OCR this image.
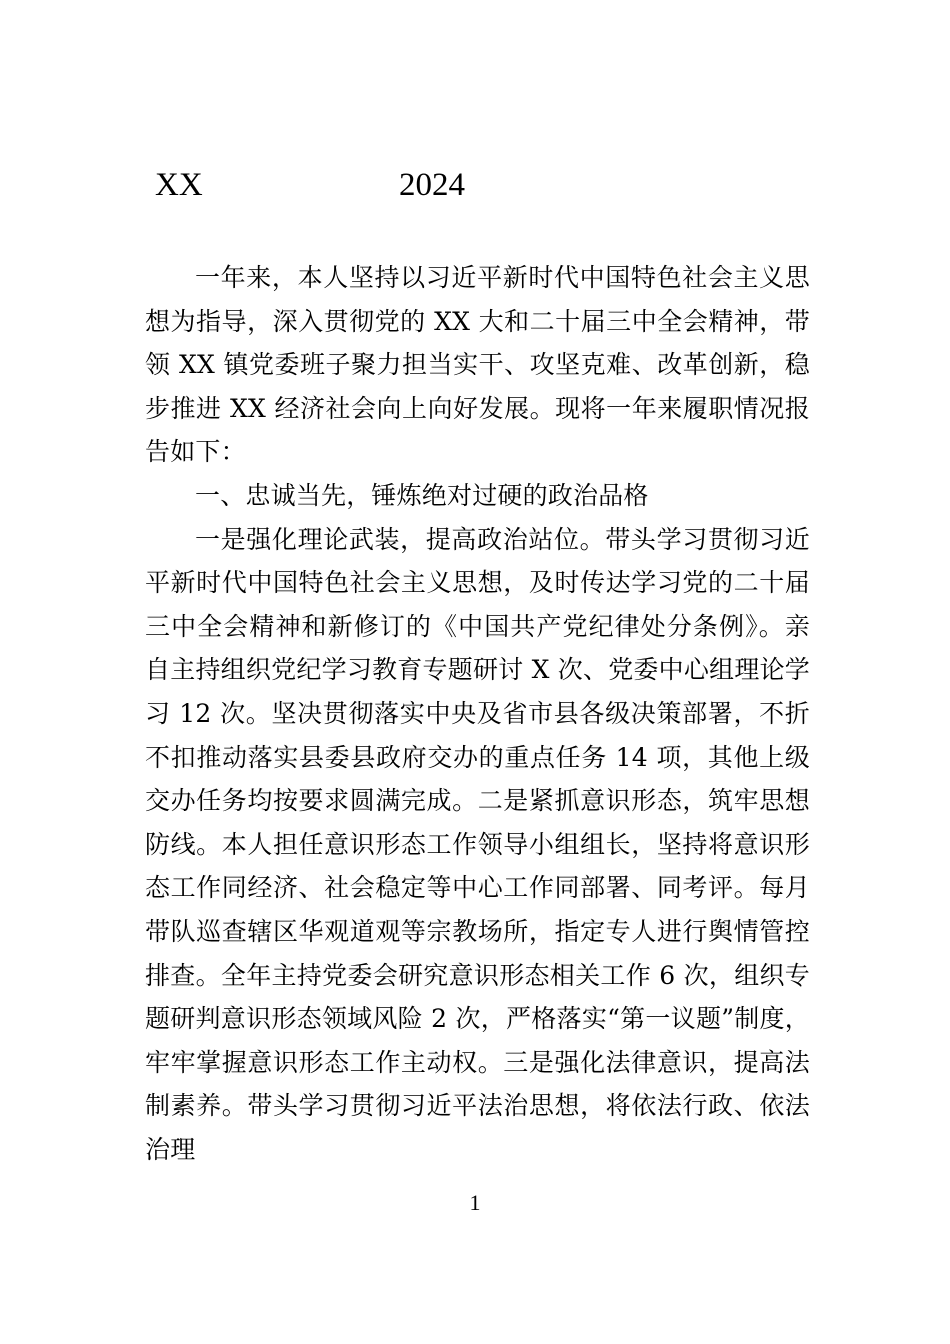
XX	2024

一年来，本人坚持以习近平新时代中国特色社会主义思想为指导，深入贯彻党的 XX 大和二十届三中全会精神，带领 XX 镇党委班子聚力担当实干、攻坚克难、改革创新，稳步推进 XX 经济社会向上向好发展。现将一年来履职情况报告如下：

一、忠诚当先，锤炼绝对过硬的政治品格

一是强化理论武装，提高政治站位。带头学习贯彻习近平新时代中国特色社会主义思想，及时传达学习党的二十届三中全会精神和新修订的《中国共产党纪律处分条例》。亲自主持组织党纪学习教育专题研讨 X 次、党委中心组理论学习 12 次。坚决贯彻落实中央及省市县各级决策部署，不折不扣推动落实县委县政府交办的重点任务 14 项，其他上级交办任务均按要求圆满完成。二是紧抓意识形态，筑牢思想防线。本人担任意识形态工作领导小组组长，坚持将意识形态工作同经济、社会稳定等中心工作同部署、同考评。每月带队巡查辖区华观道观等宗教场所，指定专人进行舆情管控排查。全年主持党委会研究意识形态相关工作 6 次，组织专题研判意识形态领域风险 2 次，严格落实“第一议题”制度，牢牢掌握意识形态工作主动权。三是强化法律意识，提高法制素养。带头学习贯彻习近平法治思想，将依法行政、依法治理

1
